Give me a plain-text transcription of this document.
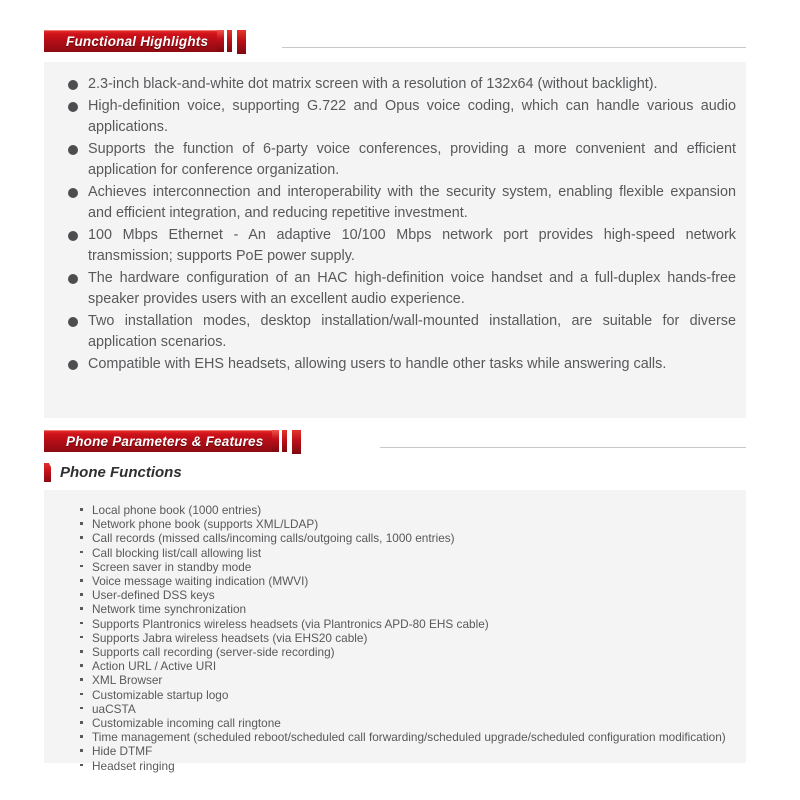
Functional Highlights
2.3-inch black-and-white dot matrix screen with a resolution of 132x64 (without backlight).
High-definition voice, supporting G.722 and Opus voice coding, which can handle various audio applications.
Supports the function of 6-party voice conferences, providing a more convenient and efficient application for conference organization.
Achieves interconnection and interoperability with the security system, enabling flexible expansion and efficient integration, and reducing repetitive investment.
100 Mbps Ethernet - An adaptive 10/100 Mbps network port provides high-speed network transmission; supports PoE power supply.
The hardware configuration of an HAC high-definition voice handset and a full-duplex hands-free speaker provides users with an excellent audio experience.
Two installation modes, desktop installation/wall-mounted installation, are suitable for diverse application scenarios.
Compatible with EHS headsets, allowing users to handle other tasks while answering calls.
Phone Parameters & Features
Phone Functions
Local phone book (1000 entries)
Network phone book (supports XML/LDAP)
Call records (missed calls/incoming calls/outgoing calls, 1000 entries)
Call blocking list/call allowing list
Screen saver in standby mode
Voice message waiting indication (MWVI)
User-defined DSS keys
Network time synchronization
Supports Plantronics wireless headsets (via Plantronics APD-80 EHS cable)
Supports Jabra wireless headsets (via EHS20 cable)
Supports call recording (server-side recording)
Action URL / Active URI
XML Browser
Customizable startup logo
uaCSTA
Customizable incoming call ringtone
Time management (scheduled reboot/scheduled call forwarding/scheduled upgrade/scheduled configuration modification)
Hide DTMF
Headset ringing
